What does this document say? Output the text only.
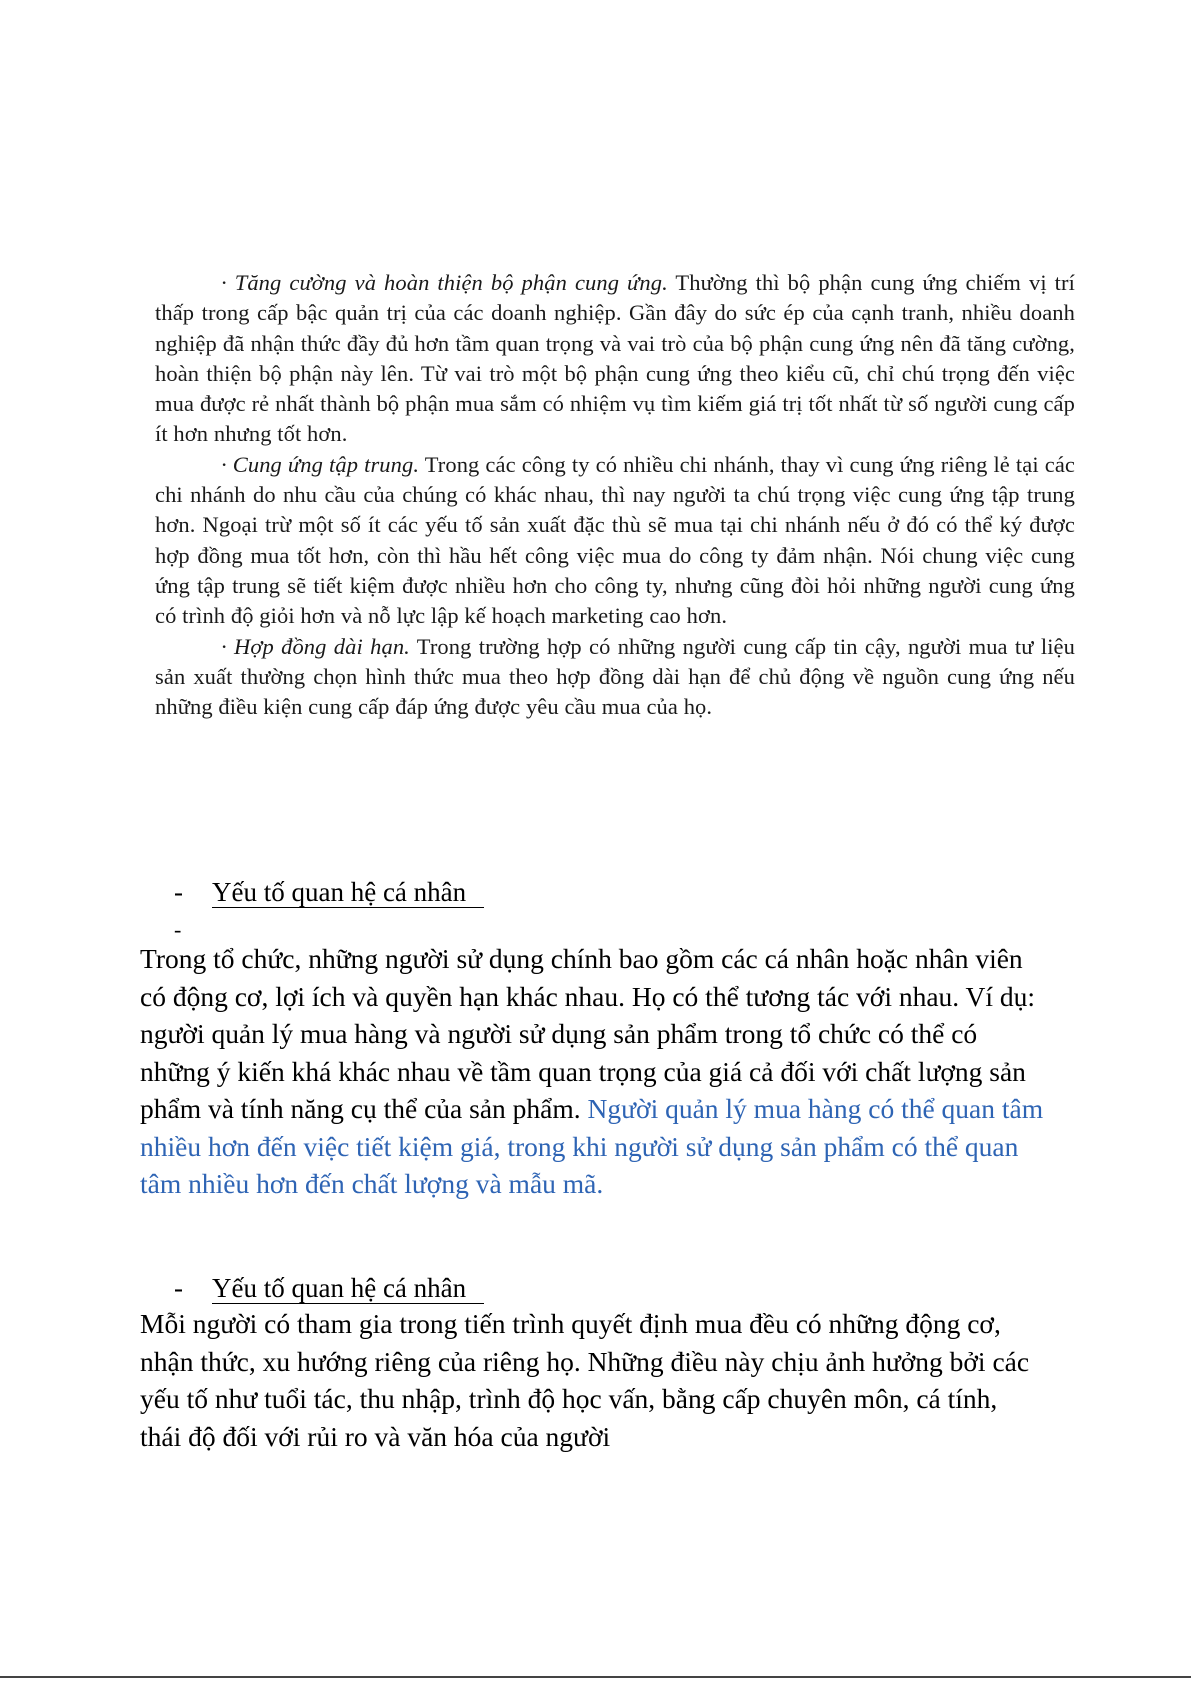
· Tăng cường và hoàn thiện bộ phận cung ứng. Thường thì bộ phận cung ứng chiếm vị trí thấp trong cấp bậc quản trị của các doanh nghiệp. Gần đây do sức ép của cạnh tranh, nhiều doanh nghiệp đã nhận thức đầy đủ hơn tầm quan trọng và vai trò của bộ phận cung ứng nên đã tăng cường, hoàn thiện bộ phận này lên. Từ vai trò một bộ phận cung ứng theo kiểu cũ, chỉ chú trọng đến việc mua được rẻ nhất thành bộ phận mua sắm có nhiệm vụ tìm kiếm giá trị tốt nhất từ số người cung cấp ít hơn nhưng tốt hơn.

· Cung ứng tập trung. Trong các công ty có nhiều chi nhánh, thay vì cung ứng riêng lẻ tại các chi nhánh do nhu cầu của chúng có khác nhau, thì nay người ta chú trọng việc cung ứng tập trung hơn. Ngoại trừ một số ít các yếu tố sản xuất đặc thù sẽ mua tại chi nhánh nếu ở đó có thể ký được hợp đồng mua tốt hơn, còn thì hầu hết công việc mua do công ty đảm nhận. Nói chung việc cung ứng tập trung sẽ tiết kiệm được nhiều hơn cho công ty, nhưng cũng đòi hỏi những người cung ứng có trình độ giỏi hơn và nỗ lực lập kế hoạch marketing cao hơn.

· Hợp đồng dài hạn. Trong trường hợp có những người cung cấp tin cậy, người mua tư liệu sản xuất thường chọn hình thức mua theo hợp đồng dài hạn để chủ động về nguồn cung ứng nếu những điều kiện cung cấp đáp ứng được yêu cầu mua của họ.

- Yếu tố quan hệ cá nhân
-

Trong tổ chức, những người sử dụng chính bao gồm các cá nhân hoặc nhân viên có động cơ, lợi ích và quyền hạn khác nhau. Họ có thể tương tác với nhau. Ví dụ: người quản lý mua hàng và người sử dụng sản phẩm trong tổ chức có thể có những ý kiến khá khác nhau về tầm quan trọng của giá cả đối với chất lượng sản phẩm và tính năng cụ thể của sản phẩm. Người quản lý mua hàng có thể quan tâm nhiều hơn đến việc tiết kiệm giá, trong khi người sử dụng sản phẩm có thể quan tâm nhiều hơn đến chất lượng và mẫu mã.

- Yếu tố quan hệ cá nhân

Mỗi người có tham gia trong tiến trình quyết định mua đều có những động cơ, nhận thức, xu hướng riêng của riêng họ. Những điều này chịu ảnh hưởng bởi các yếu tố như tuổi tác, thu nhập, trình độ học vấn, bằng cấp chuyên môn, cá tính, thái độ đối với rủi ro và văn hóa của người
